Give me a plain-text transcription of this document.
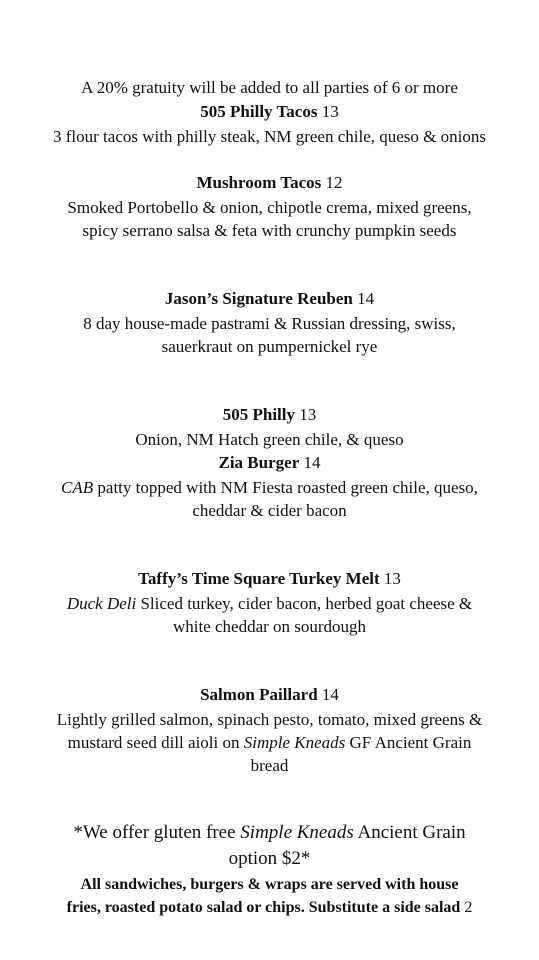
A 20% gratuity will be added to all parties of 6 or more
505 Philly Tacos 13
3 flour tacos with philly steak, NM green chile, queso & onions
Mushroom Tacos 12
Smoked Portobello & onion, chipotle crema, mixed greens,
spicy serrano salsa & feta with crunchy pumpkin seeds
Jason’s Signature Reuben 14
8 day house-made pastrami & Russian dressing, swiss,
sauerkraut on pumpernickel rye
505 Philly 13
Onion, NM Hatch green chile, & queso
Zia Burger 14
CAB patty topped with NM Fiesta roasted green chile, queso,
cheddar & cider bacon
Taffy’s Time Square Turkey Melt 13
Duck Deli Sliced turkey, cider bacon, herbed goat cheese &
white cheddar on sourdough
Salmon Paillard 14
Lightly grilled salmon, spinach pesto, tomato, mixed greens &
mustard seed dill aioli on Simple Kneads GF Ancient Grain
bread
*We offer gluten free Simple Kneads Ancient Grain
option $2*
All sandwiches, burgers & wraps are served with house
fries, roasted potato salad or chips. Substitute a side salad 2
